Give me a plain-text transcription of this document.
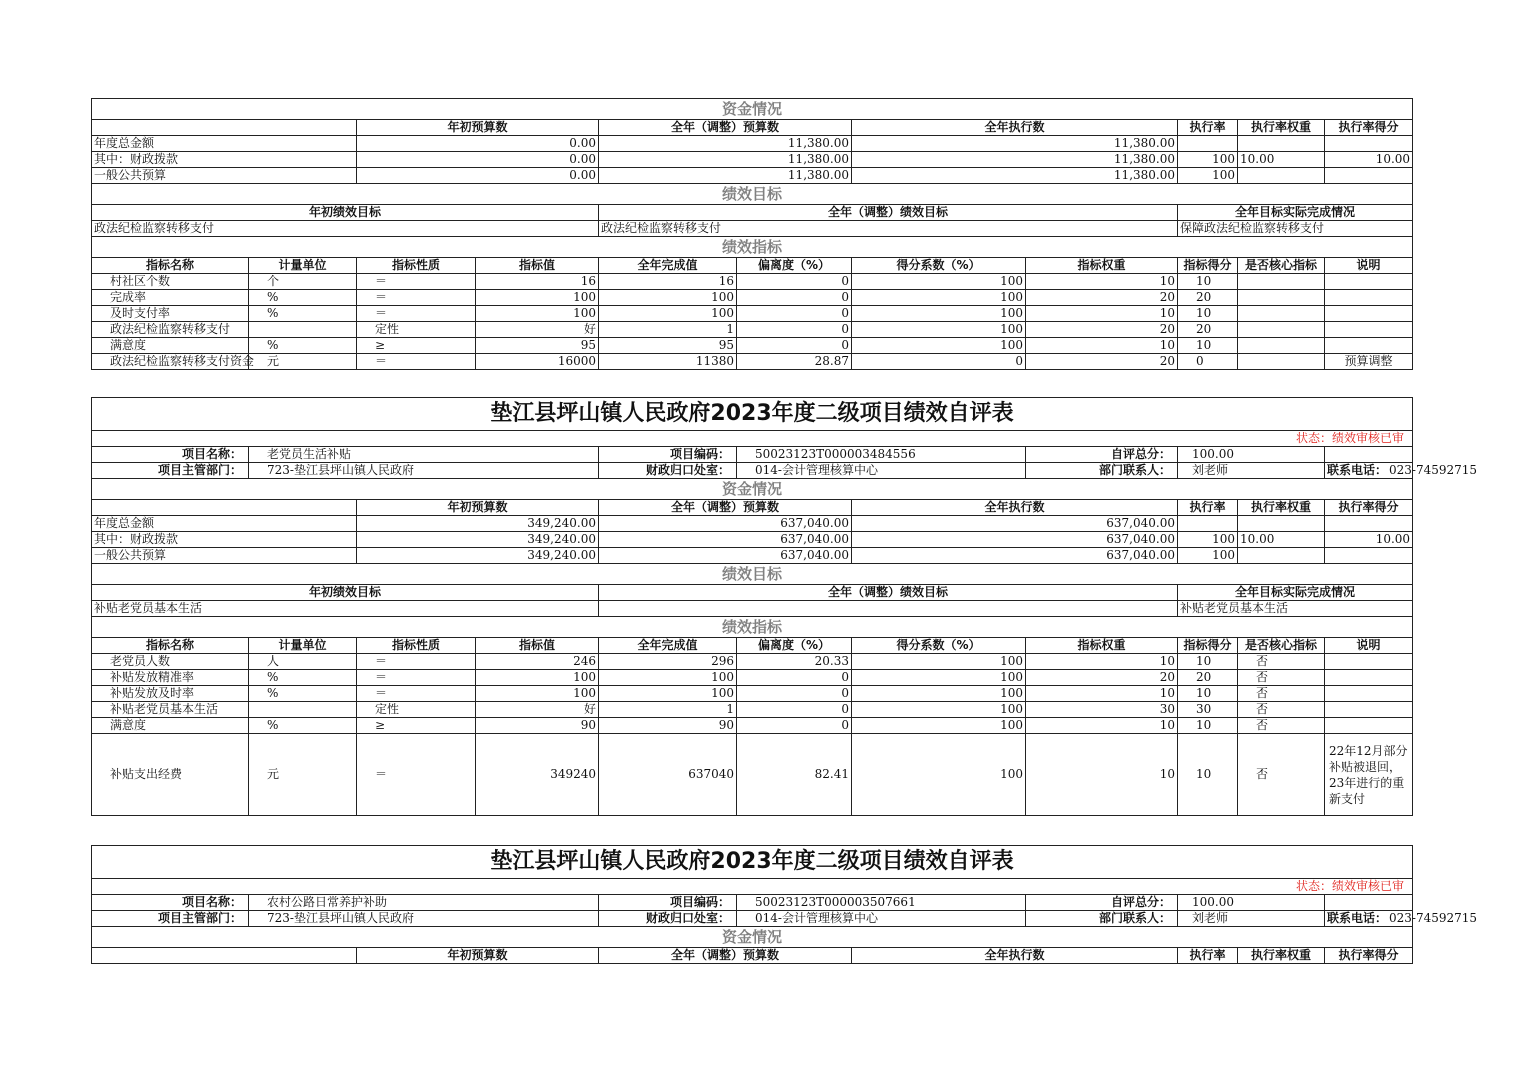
资金情况										
		年初预算数		全年（调整）预算数		全年执行数		执行率	执行率权重	执行率得分
年度总金额		0.00		11,380.00		11,380.00				
其中：财政拨款		0.00		11,380.00		11,380.00		100	10.00	10.00
一般公共预算		0.00		11,380.00		11,380.00		100		
绩效目标										
年初绩效目标				全年（调整）绩效目标				全年目标实际完成情况		
政法纪检监察转移支付				政法纪检监察转移支付				保障政法纪检监察转移支付		
绩效指标										
指标名称	计量单位	指标性质	指标值	全年完成值	偏离度（%）	得分系数（%）	指标权重	指标得分	是否核心指标	说明
村社区个数	个	＝	16	16	0	100	10	10		
完成率	%	＝	100	100	0	100	20	20		
及时支付率	%	＝	100	100	0	100	10	10		
政法纪检监察转移支付		定性	好	1	0	100	20	20		
满意度	%	≥	95	95	0	100	10	10		
政法纪检监察转移支付资金	元	＝	16000	11380	28.87	0	20	0		预算调整
垫江县坪山镇人民政府2023年度二级项目绩效自评表										
状态：绩效审核已审										
项目名称：	老党员生活补贴			项目编码：	50023123T000003484556		自评总分：	100.00		
项目主管部门：	723-垫江县坪山镇人民政府			财政归口处室：	014-会计管理核算中心		部门联系人：	刘老师		联系电话： 023-74592715
资金情况										
		年初预算数		全年（调整）预算数		全年执行数		执行率	执行率权重	执行率得分
年度总金额		349,240.00		637,040.00		637,040.00				
其中：财政拨款		349,240.00		637,040.00		637,040.00		100	10.00	10.00
一般公共预算		349,240.00		637,040.00		637,040.00		100		
绩效目标										
年初绩效目标				全年（调整）绩效目标				全年目标实际完成情况		
补贴老党员基本生活								补贴老党员基本生活		
绩效指标										
指标名称	计量单位	指标性质	指标值	全年完成值	偏离度（%）	得分系数（%）	指标权重	指标得分	是否核心指标	说明
老党员人数	人	＝	246	296	20.33	100	10	10	否	
补贴发放精准率	%	＝	100	100	0	100	20	20	否	
补贴发放及时率	%	＝	100	100	0	100	10	10	否	
补贴老党员基本生活		定性	好	1	0	100	30	30	否	
满意度	%	≥	90	90	0	100	10	10	否	
补贴支出经费	元	＝	349240	637040	82.41	100	10	10	否	22年12月部分补贴被退回，23年进行的重新支付
垫江县坪山镇人民政府2023年度二级项目绩效自评表									
状态：绩效审核已审									
项目名称：	农村公路日常养护补助		项目编码：	50023123T000003507661		自评总分：	100.00		
项目主管部门：	723-垫江县坪山镇人民政府		财政归口处室：	014-会计管理核算中心		部门联系人：	刘老师		联系电话： 023-74592715
资金情况									
		年初预算数	全年（调整）预算数		全年执行数		执行率	执行率权重	执行率得分
